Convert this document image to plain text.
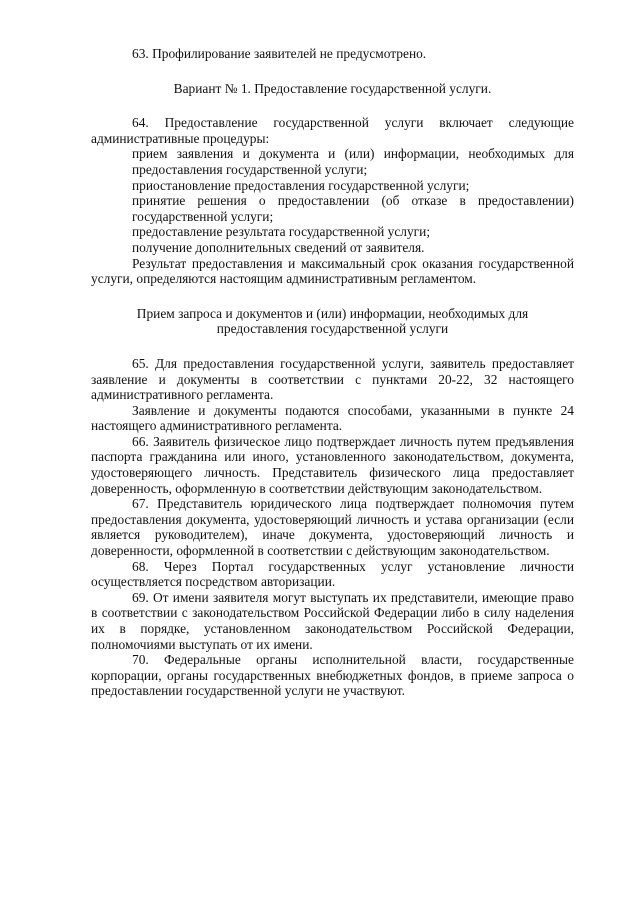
63. Профилирование заявителей не предусмотрено.

Вариант № 1. Предоставление государственной услуги.

64. Предоставление государственной услуги включает следующие административные процедуры:

прием заявления и документа и (или) информации, необходимых для предоставления государственной услуги;

приостановление предоставления государственной услуги;

принятие решения о предоставлении (об отказе в предоставлении) государственной услуги;

предоставление результата государственной услуги;

получение дополнительных сведений от заявителя.

Результат предоставления и максимальный срок оказания государственной услуги, определяются настоящим административным регламентом.

Прием запроса и документов и (или) информации, необходимых для предоставления государственной услуги

65. Для предоставления государственной услуги, заявитель предоставляет заявление и документы в соответствии с пунктами 20-22, 32 настоящего административного регламента.

Заявление и документы подаются способами, указанными в пункте 24 настоящего административного регламента.

66. Заявитель физическое лицо подтверждает личность путем предъявления паспорта гражданина или иного, установленного законодательством, документа, удостоверяющего личность. Представитель физического лица предоставляет доверенность, оформленную в соответствии действующим законодательством.

67. Представитель юридического лица подтверждает полномочия путем предоставления документа, удостоверяющий личность и устава организации (если является руководителем), иначе документа, удостоверяющий личность и доверенности, оформленной в соответствии с действующим законодательством.

68. Через Портал государственных услуг установление личности осуществляется посредством авторизации.

69. От имени заявителя могут выступать их представители, имеющие право в соответствии с законодательством Российской Федерации либо в силу наделения их в порядке, установленном законодательством Российской Федерации, полномочиями выступать от их имени.

70. Федеральные органы исполнительной власти, государственные корпорации, органы государственных внебюджетных фондов, в приеме запроса о предоставлении государственной услуги не участвуют.
